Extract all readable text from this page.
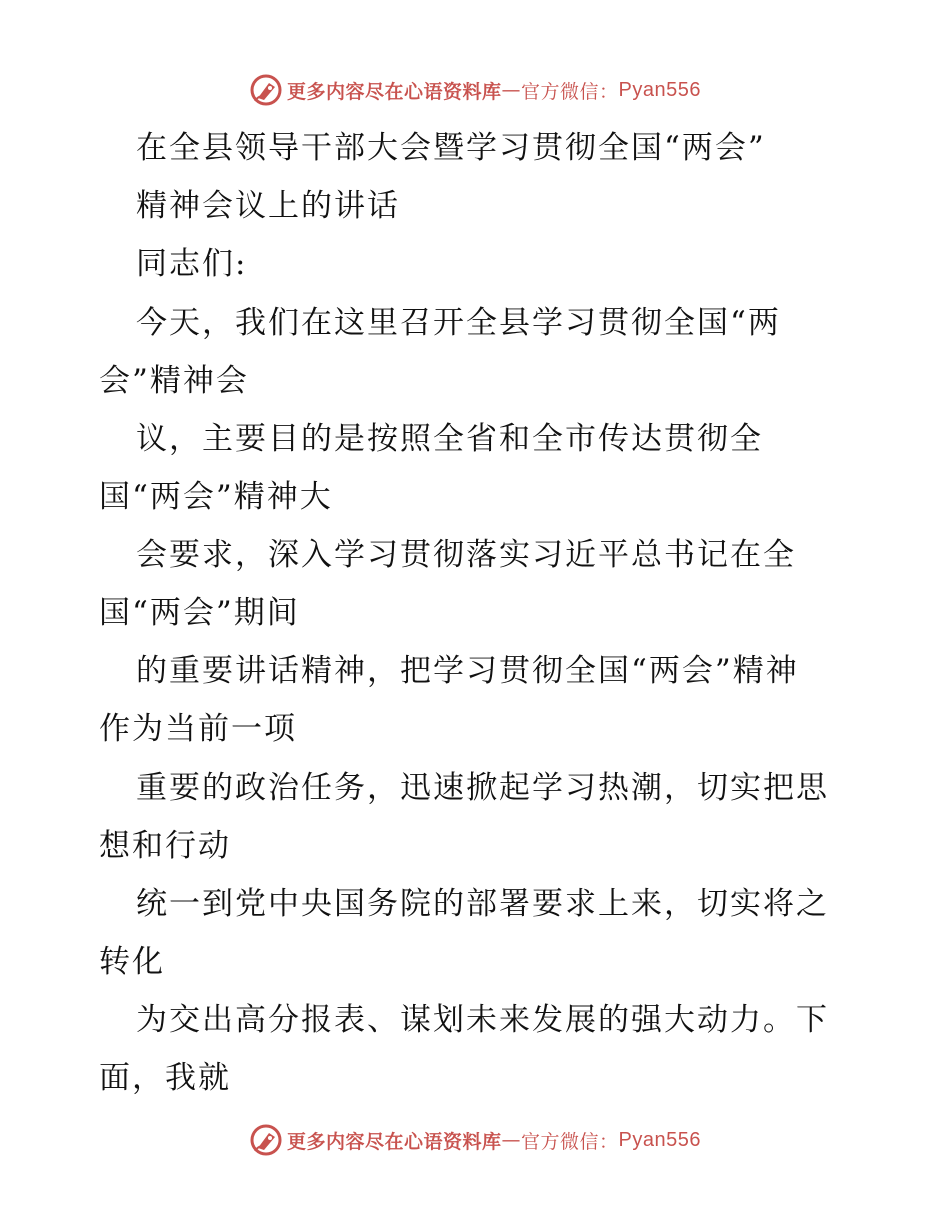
更多内容尽在心语资料库 — 官方微信： Pyan556
在全县领导干部大会暨学习贯彻全国“两会”
精神会议上的讲话
同志们:
今天，我们在这里召开全县学习贯彻全国“两
会”精神会
议，主要目的是按照全省和全市传达贯彻全
国“两会”精神大
会要求，深入学习贯彻落实习近平总书记在全
国“两会”期间
的重要讲话精神，把学习贯彻全国“两会”精神
作为当前一项
重要的政治任务，迅速掀起学习热潮，切实把思
想和行动
统一到党中央国务院的部署要求上来，切实将之
转化
为交出高分报表、谋划未来发展的强大动力。下
面，我就
更多内容尽在心语资料库 — 官方微信： Pyan556
